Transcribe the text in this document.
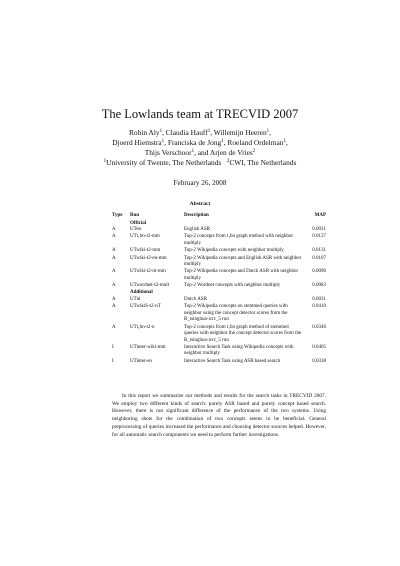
The Lowlands team at TRECVID 2007
Robin Aly$^1$, Claudia Hauff$^1$, Willemijn Heeren$^1$,
Djoerd Hiemstra$^1$, Franciska de Jong$^1$, Roeland Ordelman$^1$,
Thijs Verschoor$^1$, and Arjen de Vries$^2$
$^1$University of Twente, The Netherlands $^2$CWI, The Netherlands
February 26, 2008
Abstract
Type	Run	Description	MAP
	Official		
A	UTen	English ASR	0.0031
A	UTt₁bn-t2-mm	Top-2 concepts from t₁bn graph method with neighbor multiply	0.0137
A	UTwiki-t2-mm	Top-2 Wikipedia concepts with neighbor multiply	0.0131
A	UTwiki-t2-en-mm	Top-2 Wikipedia concepts and English ASR with neighbor multiply	0.0107
A	UTwiki-t2-nl-mm	Top-2 Wikipedia concepts and Dutch ASR with neighbor multiply	0.0096
A	UTwordnet-t2-mult	Top-2 Wordnet concepts with neighbor multiply	0.0083
	Additional		
A	UTnl	Dutch ASR	0.0031
A	UTwikiS-t2-nT	Top-2 Wikipedia concepts on stemmed queries with neighbor using the concept detector scores from the B_tsinghua-icrc_5 run	0.0410
A	UTt₁bn-t2-n	Top-2 concepts from t₁bn graph method of stemmed queries with neighbor the concept detector scores from the B_tsinghua-icrc_5 run	0.0346
I	UTinter-wiki-mm	Interactive Search Task using Wikipedia concepts with neighbor multiply	0.0405
I	UTinter-en	Interactive Search Task using ASR based search	0.0338

In this report we summarize our methods and results for the search tasks in TRECVID 2007. We employ two different kinds of search: purely ASR based and purely concept based search. However, there is not significant difference of the performance of the two systems. Using neighboring shots for the combination of two concepts seems to be beneficial. General preprocessing of queries increased the performance and choosing detector sources helped. However, for all automatic search components we need to perform further investigations.
